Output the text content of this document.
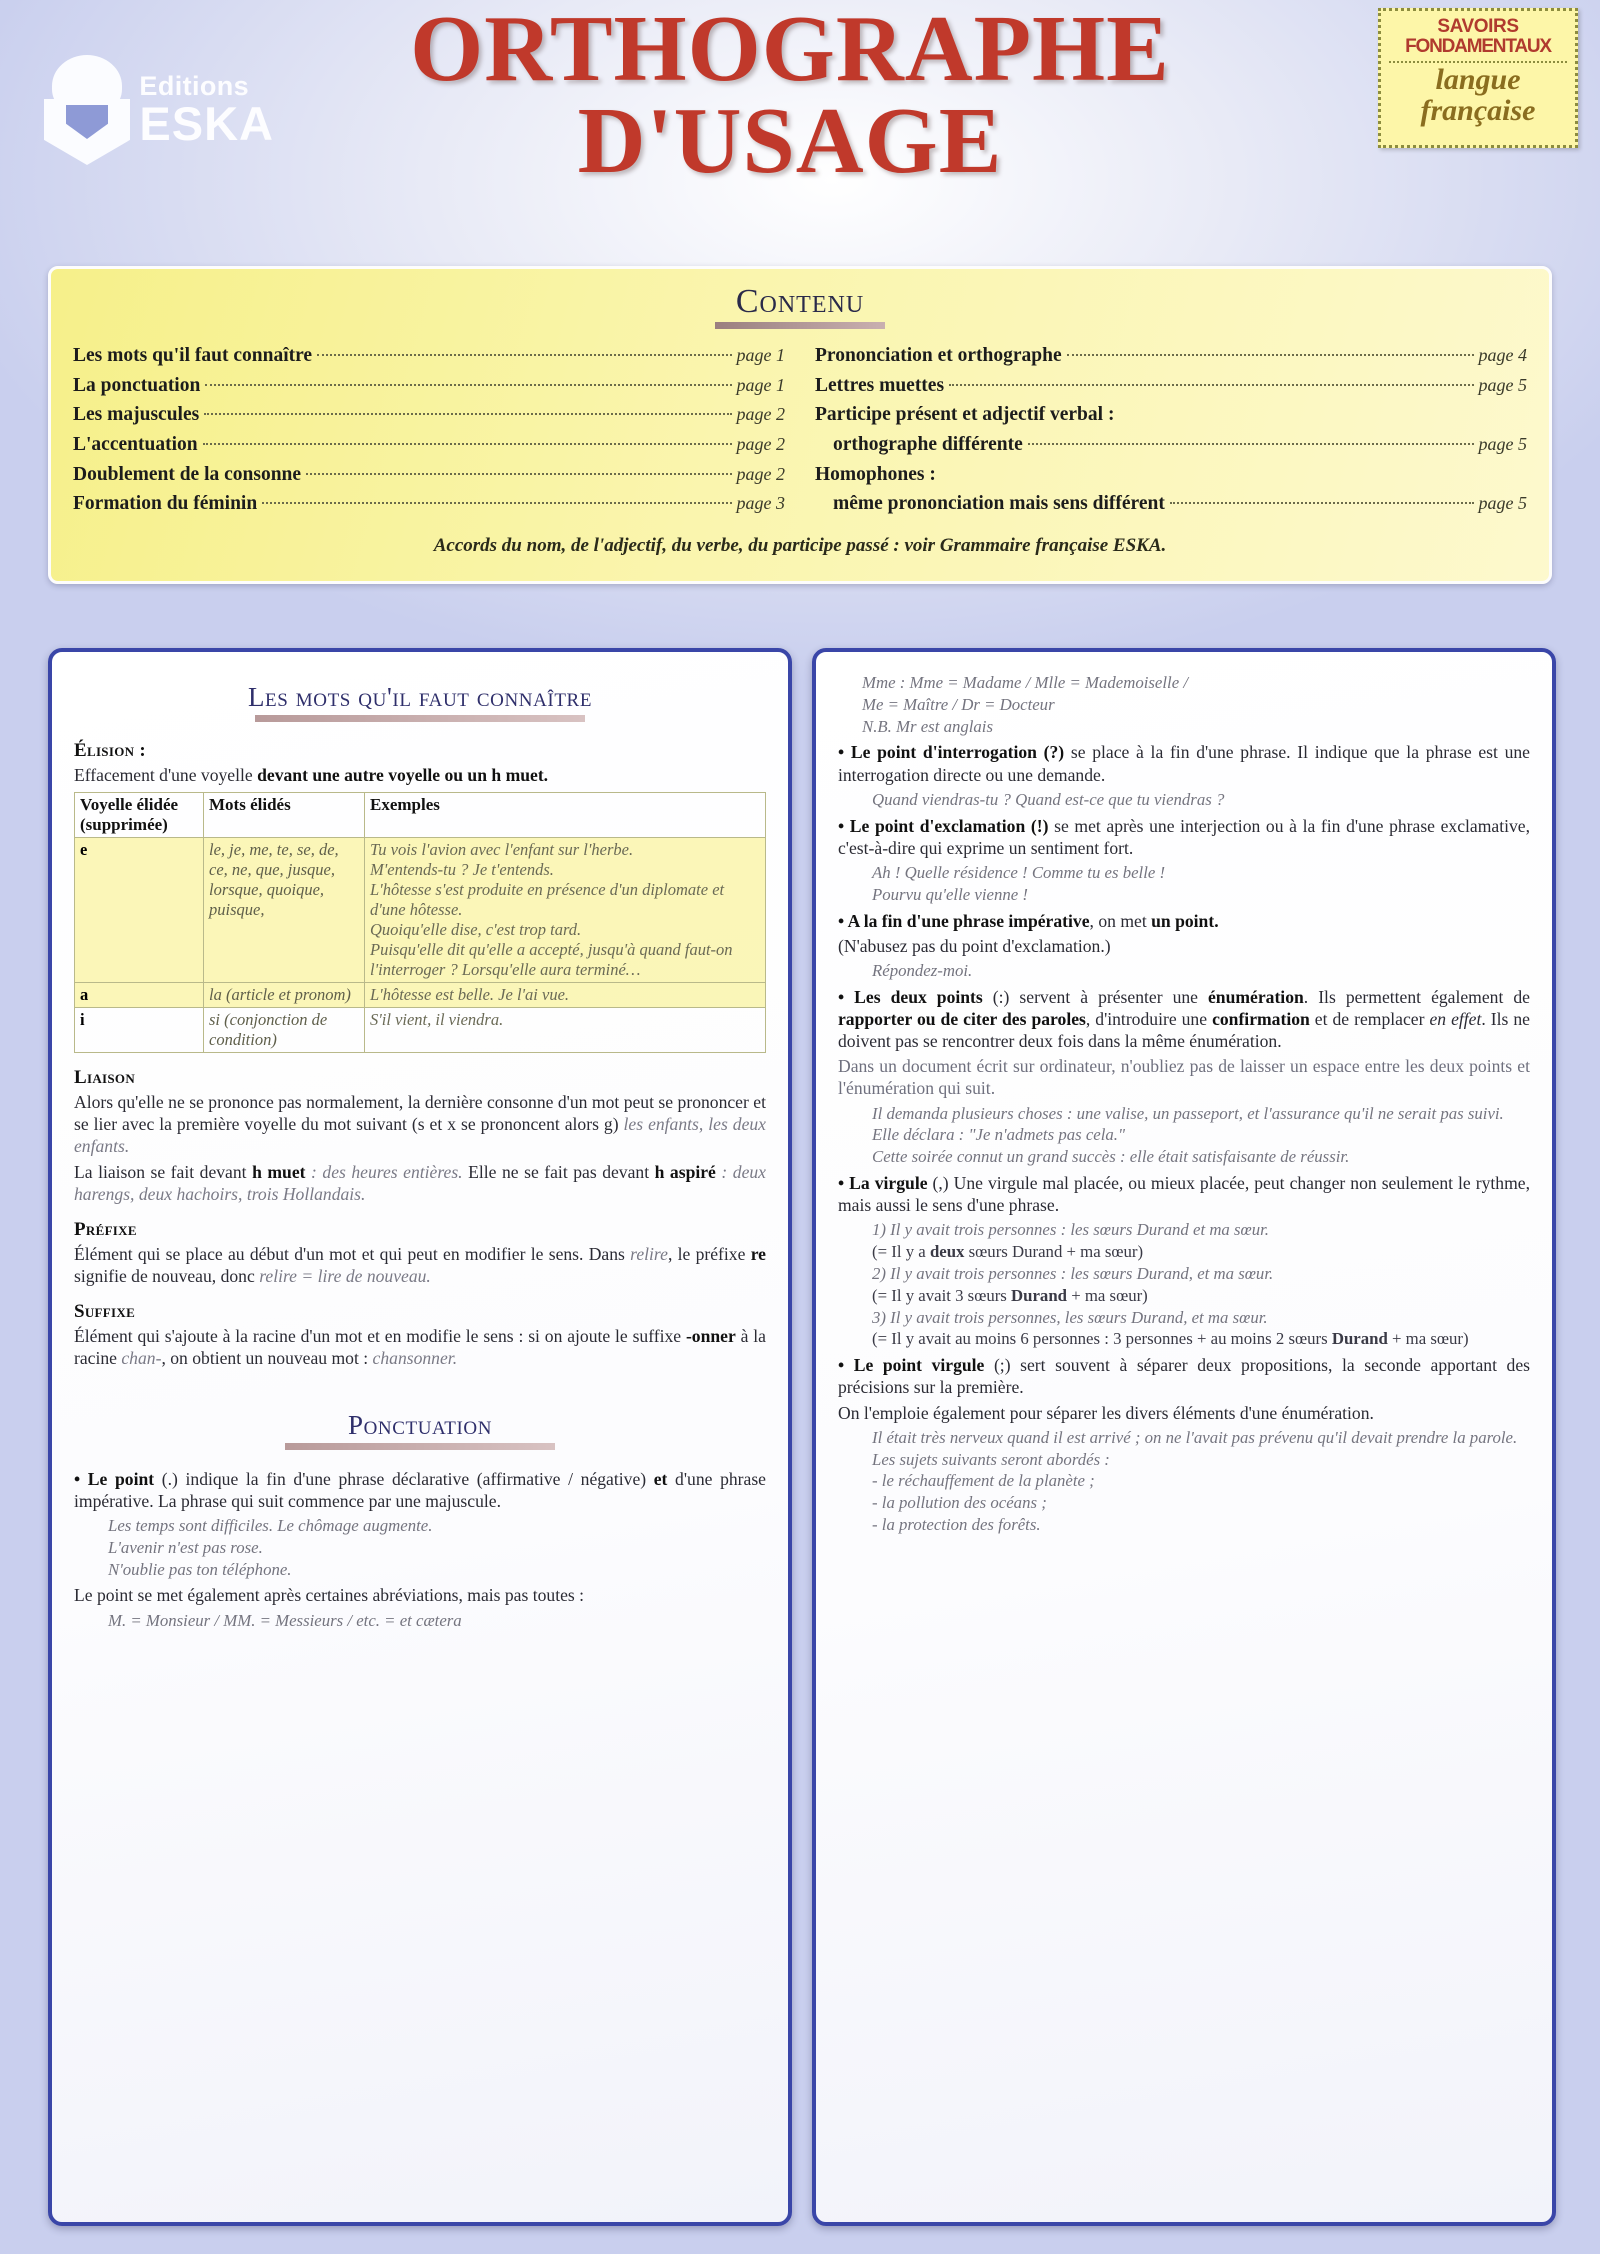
Editions
ESKA
ORTHOGRAPHE
D'USAGE
SAVOIRS
FONDAMENTAUX
langue
française
Contenu
Les mots qu'il faut connaître	page 1
La ponctuation	page 1
Les majuscules	page 2
L'accentuation	page 2
Doublement de la consonne	page 2
Formation du féminin	page 3
Prononciation et orthographe	page 4
Lettres muettes	page 5
Participe présent et adjectif verbal :
orthographe différente	page 5
Homophones :
même prononciation mais sens différent	page 5
Accords du nom, de l'adjectif, du verbe, du participe passé : voir Grammaire française ESKA.
Les mots qu'il faut connaître
Élision :

Effacement d'une voyelle devant une autre voyelle ou un h muet.

Voyelle élidée (supprimée)	Mots élidés	Exemples
e	le, je, me, te, se, de, ce, ne, que, jusque, lorsque, quoique, puisque,	Tu vois l'avion avec l'enfant sur l'herbe.
M'entends-tu ? Je t'entends.
L'hôtesse s'est produite en présence d'un diplomate et d'une hôtesse.
Quoiqu'elle dise, c'est trop tard.
Puisqu'elle dit qu'elle a accepté, jusqu'à quand faut-on l'interroger ? Lorsqu'elle aura terminé…

a	la (article et pronom)	L'hôtesse est belle. Je l'ai vue.

i	si (conjonction de condition)	S'il vient, il viendra.
Liaison

Alors qu'elle ne se prononce pas normalement, la dernière consonne d'un mot peut se prononcer et se lier avec la première voyelle du mot suivant (s et x se prononcent alors g) les enfants, les deux enfants.

La liaison se fait devant h muet : des heures entières. Elle ne se fait pas devant h aspiré : deux harengs, deux hachoirs, trois Hollandais.

Préfixe

Élément qui se place au début d'un mot et qui peut en modifier le sens. Dans relire, le préfixe re signifie de nouveau, donc relire = lire de nouveau.

Suffixe

Élément qui s'ajoute à la racine d'un mot et en modifie le sens : si on ajoute le suffixe -onner à la racine chan-, on obtient un nouveau mot : chansonner.

Ponctuation

• Le point (.) indique la fin d'une phrase déclarative (affirmative / négative) et d'une phrase impérative. La phrase qui suit commence par une majuscule.

Les temps sont difficiles. Le chômage augmente.
L'avenir n'est pas rose.
N'oublie pas ton téléphone.

Le point se met également après certaines abréviations, mais pas toutes :

M. = Monsieur / MM. = Messieurs / etc. = et cætera
Mme : Mme = Madame / Mlle = Mademoiselle /
Me = Maître / Dr = Docteur
N.B. Mr est anglais

• Le point d'interrogation (?) se place à la fin d'une phrase. Il indique que la phrase est une interrogation directe ou une demande.

Quand viendras-tu ? Quand est-ce que tu viendras ?

• Le point d'exclamation (!) se met après une interjection ou à la fin d'une phrase exclamative, c'est-à-dire qui exprime un sentiment fort.

Ah ! Quelle résidence ! Comme tu es belle !
Pourvu qu'elle vienne !

• A la fin d'une phrase impérative, on met un point.

(N'abusez pas du point d'exclamation.)

Répondez-moi.

• Les deux points (:) servent à présenter une énumération. Ils permettent également de rapporter ou de citer des paroles, d'introduire une confirmation et de remplacer en effet. Ils ne doivent pas se rencontrer deux fois dans la même énumération.

Dans un document écrit sur ordinateur, n'oubliez pas de laisser un espace entre les deux points et l'énumération qui suit.

Il demanda plusieurs choses : une valise, un passeport, et l'assurance qu'il ne serait pas suivi.
Elle déclara : "Je n'admets pas cela."
Cette soirée connut un grand succès : elle était satisfaisante de réussir.

• La virgule (,) Une virgule mal placée, ou mieux placée, peut changer non seulement le rythme, mais aussi le sens d'une phrase.

1) Il y avait trois personnes : les sœurs Durand et ma sœur.
(= Il y a deux sœurs Durand + ma sœur)
2) Il y avait trois personnes : les sœurs Durand, et ma sœur.
(= Il y avait 3 sœurs Durand + ma sœur)
3) Il y avait trois personnes, les sœurs Durand, et ma sœur.
(= Il y avait au moins 6 personnes : 3 personnes + au moins 2 sœurs Durand + ma sœur)

• Le point virgule (;) sert souvent à séparer deux propositions, la seconde apportant des précisions sur la première.

On l'emploie également pour séparer les divers éléments d'une énumération.

Il était très nerveux quand il est arrivé ; on ne l'avait pas prévenu qu'il devait prendre la parole.
Les sujets suivants seront abordés :
- le réchauffement de la planète ;
- la pollution des océans ;
- la protection des forêts.
